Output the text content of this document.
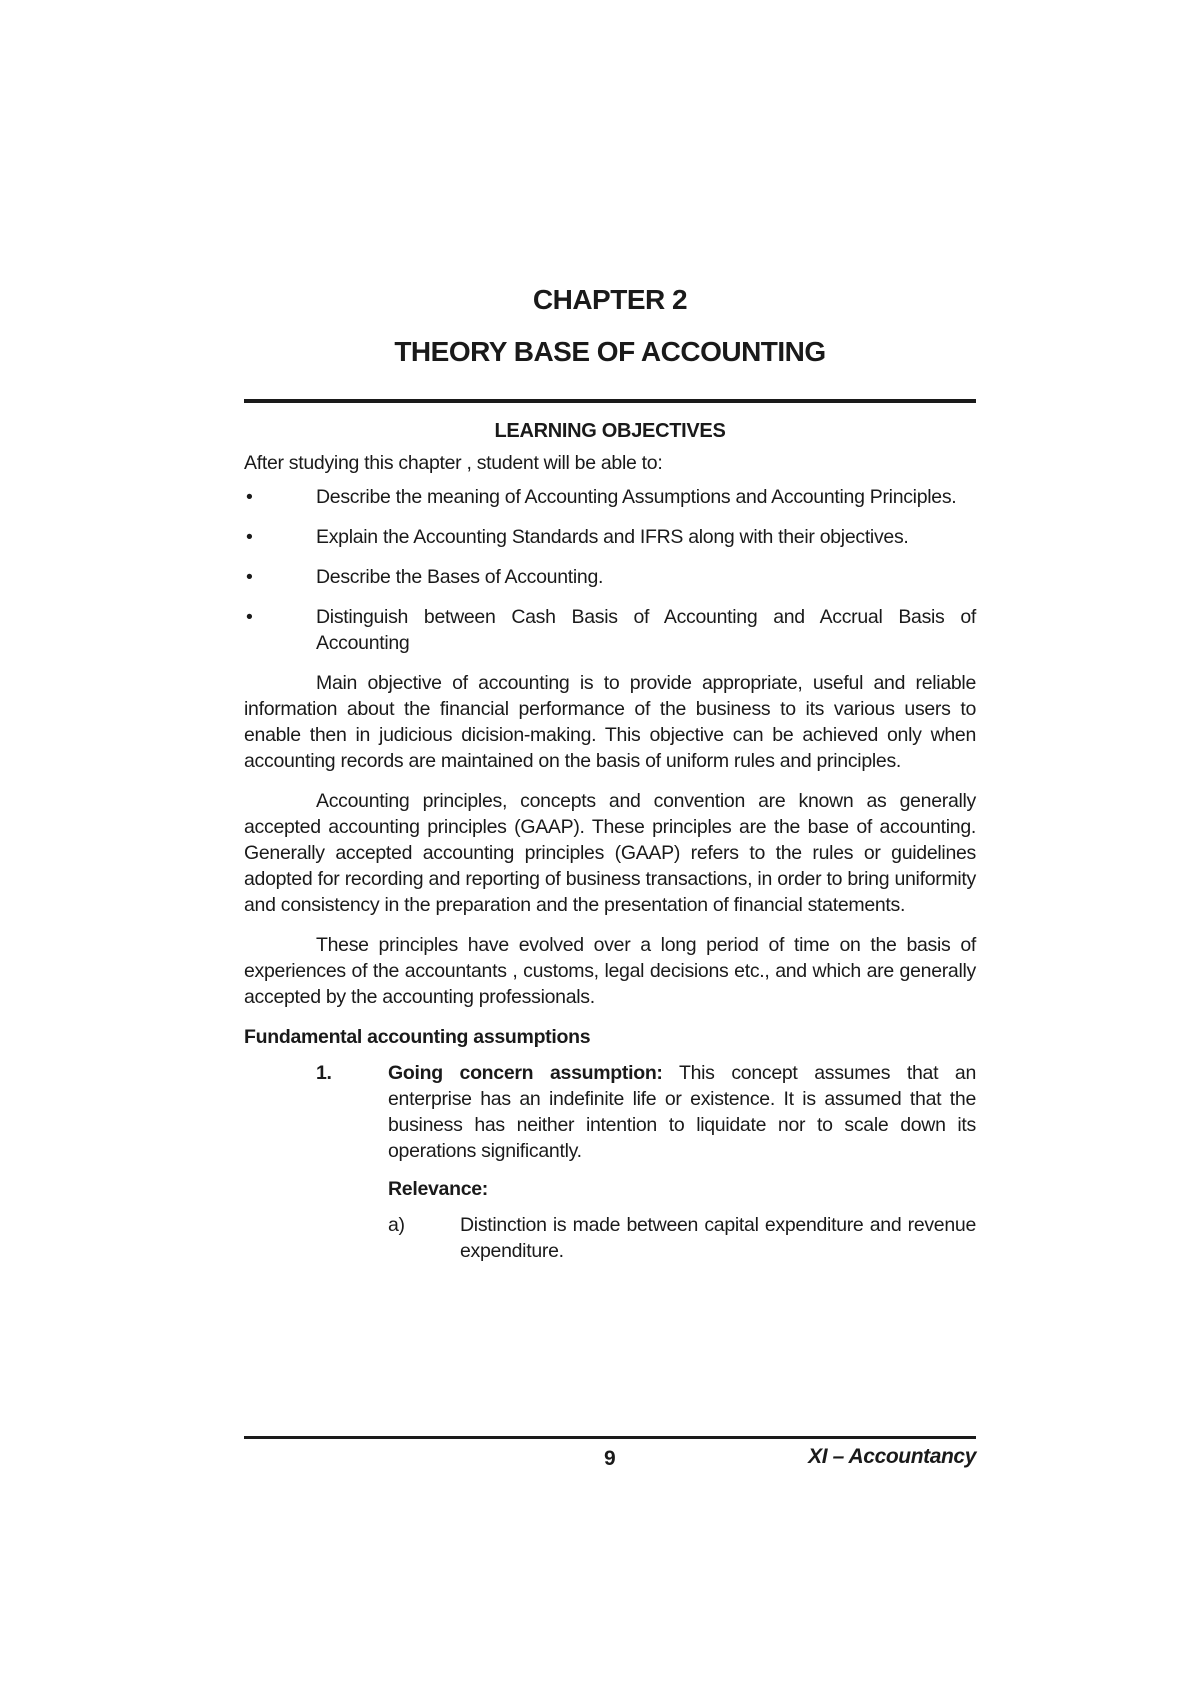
CHAPTER 2
THEORY BASE OF ACCOUNTING
LEARNING OBJECTIVES
After studying this chapter , student will be able to:
•	Describe the meaning of Accounting Assumptions and Accounting Principles.
•	Explain the Accounting Standards and IFRS along with their objectives.
•	Describe the Bases of Accounting.
•	Distinguish between Cash Basis of Accounting and Accrual Basis of Accounting

Main objective of accounting is to provide appropriate, useful and reliable information about the financial performance of the business to its various users to enable then in judicious dicision-making. This objective can be achieved only when accounting records are maintained on the basis of uniform rules and principles.

Accounting principles, concepts and convention are known as generally accepted accounting principles (GAAP). These principles are the base of accounting. Generally accepted accounting principles (GAAP) refers to the rules or guidelines adopted for recording and reporting of business transactions, in order to bring uniformity and consistency in the preparation and the presentation of financial statements.

These principles have evolved over a long period of time on the basis of experiences of the accountants , customs, legal decisions etc., and which are generally accepted by the accounting professionals.

Fundamental accounting assumptions
1.	Going concern assumption: This concept assumes that an enterprise has an indefinite life or existence. It is assumed that the business has neither intention to liquidate nor to scale down its operations significantly.
Relevance:
a)	Distinction is made between capital expenditure and revenue expenditure.
9	XI – Accountancy
